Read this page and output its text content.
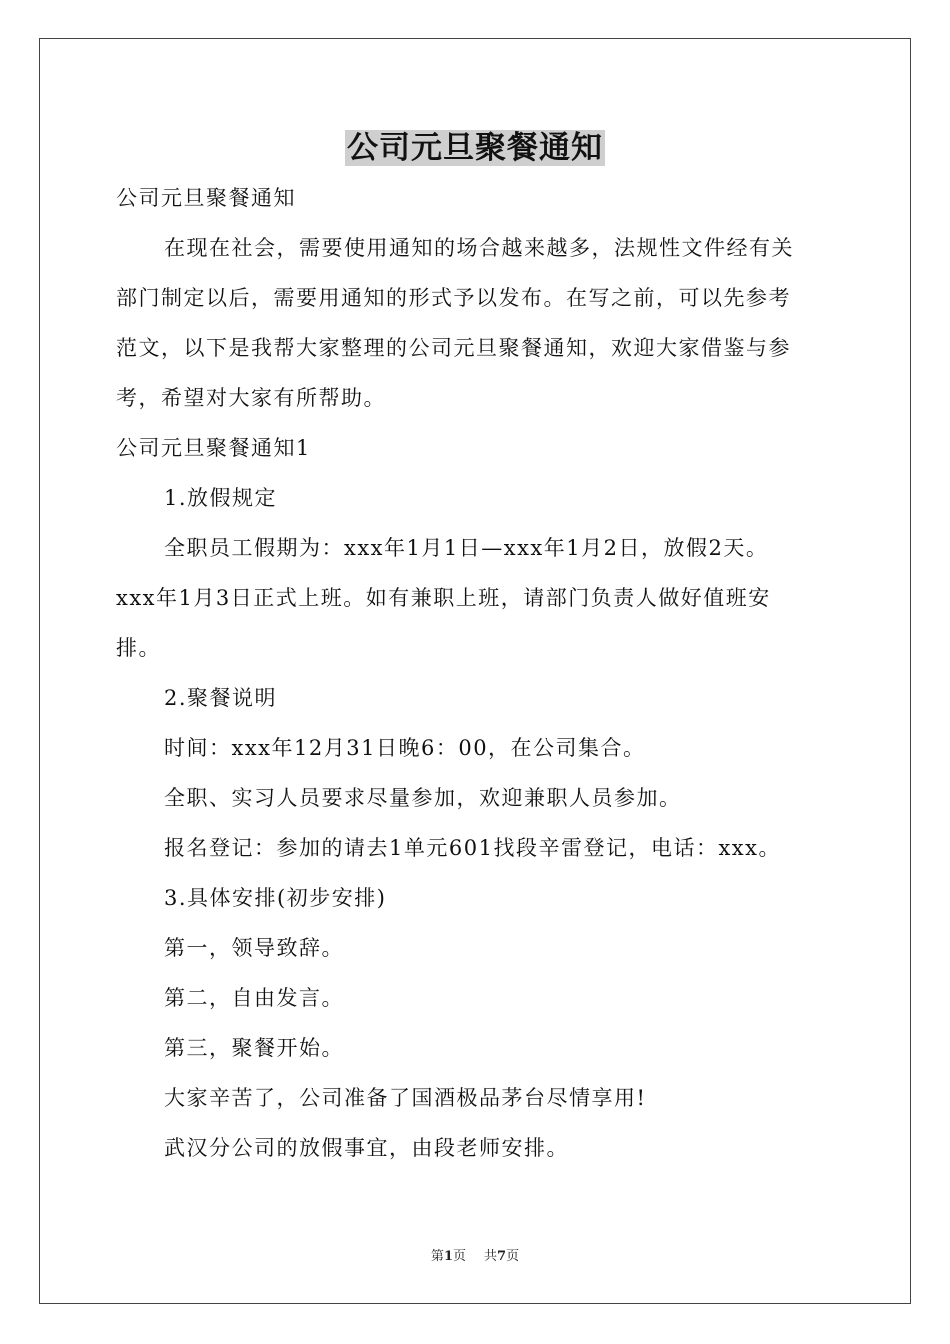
公司元旦聚餐通知

公司元旦聚餐通知

在现在社会，需要使用通知的场合越来越多，法规性文件经有关

部门制定以后，需要用通知的形式予以发布。在写之前，可以先参考

范文，以下是我帮大家整理的公司元旦聚餐通知，欢迎大家借鉴与参

考，希望对大家有所帮助。

公司元旦聚餐通知1

1.放假规定

全职员工假期为：xxx年1月1日—xxx年1月2日，放假2天。

xxx年1月3日正式上班。如有兼职上班，请部门负责人做好值班安

排。

2.聚餐说明

时间：xxx年12月31日晚6：00，在公司集合。

全职、实习人员要求尽量参加，欢迎兼职人员参加。

报名登记：参加的请去1单元601找段辛雷登记，电话：xxx。

3.具体安排(初步安排)

第一，领导致辞。

第二，自由发言。

第三，聚餐开始。

大家辛苦了，公司准备了国酒极品茅台尽情享用!

武汉分公司的放假事宜，由段老师安排。

第1页 共7页
